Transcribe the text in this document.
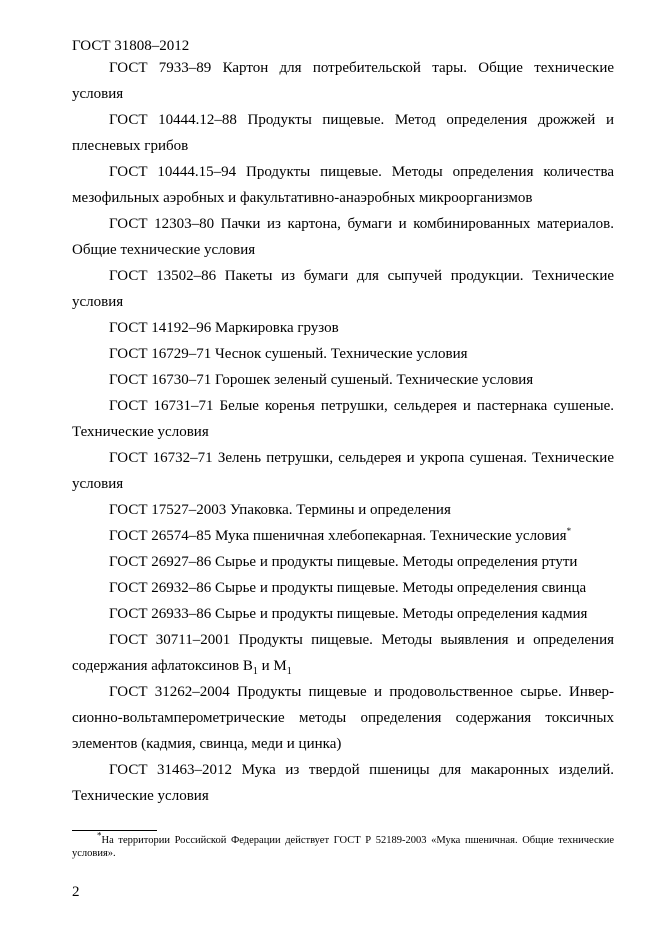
ГОСТ 31808–2012

ГОСТ 7933–89 Картон для потребительской тары. Общие технические условия

ГОСТ 10444.12–88 Продукты пищевые. Метод определения дрожжей и плесневых грибов

ГОСТ 10444.15–94 Продукты пищевые. Методы определения количества мезофильных аэробных и факультативно-анаэробных микроорганизмов

ГОСТ 12303–80 Пачки из картона, бумаги и комбинированных материалов. Общие технические условия

ГОСТ 13502–86 Пакеты из бумаги для сыпучей продукции. Технические условия

ГОСТ 14192–96 Маркировка грузов

ГОСТ 16729–71 Чеснок сушеный. Технические условия

ГОСТ 16730–71 Горошек зеленый сушеный. Технические условия

ГОСТ 16731–71 Белые коренья петрушки, сельдерея и пастернака сушеные. Технические условия

ГОСТ 16732–71 Зелень петрушки, сельдерея и укропа сушеная. Технические условия

ГОСТ 17527–2003 Упаковка. Термины и определения

ГОСТ 26574–85 Мука пшеничная хлебопекарная. Технические условия*

ГОСТ 26927–86 Сырье и продукты пищевые. Методы определения ртути

ГОСТ 26932–86 Сырье и продукты пищевые. Методы определения свинца

ГОСТ 26933–86 Сырье и продукты пищевые. Методы определения кадмия

ГОСТ 30711–2001 Продукты пищевые. Методы выявления и определения содержания афлатоксинов $B_1$ и $M_1$

ГОСТ 31262–2004 Продукты пищевые и продовольственное сырье. Инверсионно-вольтамперометрические методы определения содержания токсичных элементов (кадмия, свинца, меди и цинка)

ГОСТ 31463–2012 Мука из твердой пшеницы для макаронных изделий. Технические условия

*На территории Российской Федерации действует ГОСТ Р 52189-2003 «Мука пшеничная. Общие технические условия».
2
